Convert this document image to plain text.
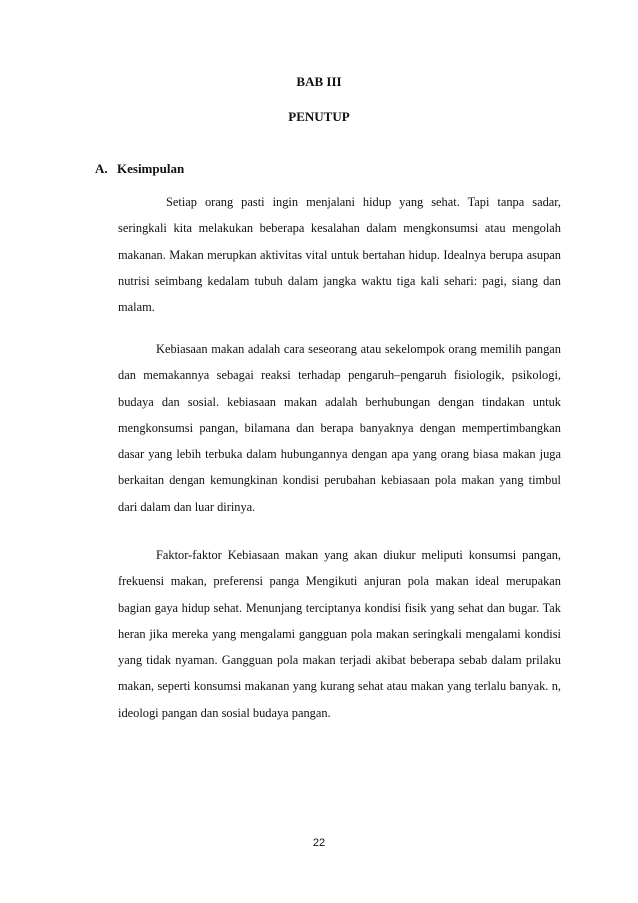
BAB III
PENUTUP
A. Kesimpulan

Setiap orang pasti ingin menjalani hidup yang sehat. Tapi tanpa sadar, seringkali kita melakukan beberapa kesalahan dalam mengkonsumsi atau mengolah makanan. Makan merupkan aktivitas vital untuk bertahan hidup. Idealnya berupa asupan nutrisi seimbang kedalam tubuh dalam jangka waktu tiga kali sehari: pagi, siang dan malam.

Kebiasaan makan adalah cara seseorang atau sekelompok orang memilih pangan dan memakannya sebagai reaksi terhadap pengaruh–pengaruh fisiologik, psikologi, budaya dan sosial. kebiasaan makan adalah berhubungan dengan tindakan untuk mengkonsumsi pangan, bilamana dan berapa banyaknya dengan mempertimbangkan dasar yang lebih terbuka dalam hubungannya dengan apa yang orang biasa makan juga berkaitan dengan kemungkinan kondisi perubahan kebiasaan pola makan yang timbul dari dalam dan luar dirinya.

Faktor-faktor Kebiasaan makan yang akan diukur meliputi konsumsi pangan, frekuensi makan, preferensi panga Mengikuti anjuran pola makan ideal merupakan bagian gaya hidup sehat. Menunjang terciptanya kondisi fisik yang sehat dan bugar. Tak heran jika mereka yang mengalami gangguan pola makan seringkali mengalami kondisi yang tidak nyaman. Gangguan pola makan terjadi akibat beberapa sebab dalam prilaku makan, seperti konsumsi makanan yang kurang sehat atau makan yang terlalu banyak. n, ideologi pangan dan sosial budaya pangan.

22
